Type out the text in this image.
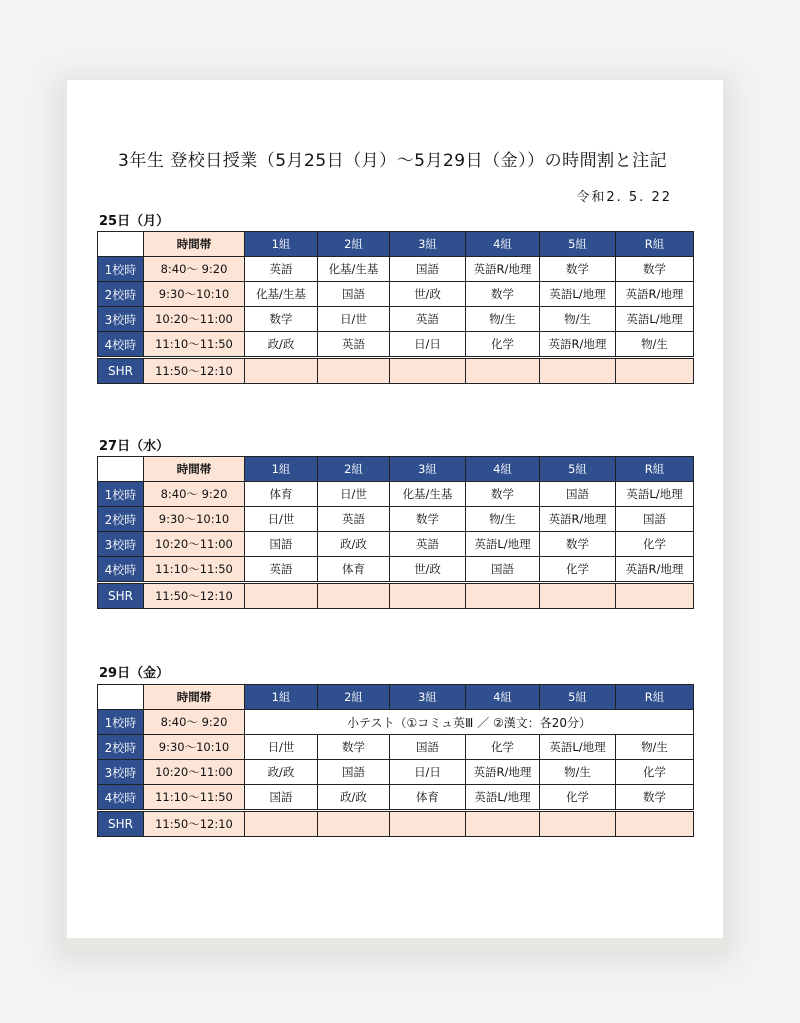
3年生 登校日授業（5月25日（月）～5月29日（金））の時間割と注記
令和2. 5. 22
25日（月）
	時間帯	1組	2組	3組	4組	5組	R組
1校時	8:40～ 9:20	英語	化基/生基	国語	英語R/地理	数学	数学
2校時	9:30～10:10	化基/生基	国語	世/政	数学	英語L/地理	英語R/地理
3校時	10:20～11:00	数学	日/世	英語	物/生	物/生	英語L/地理
4校時	11:10～11:50	政/政	英語	日/日	化学	英語R/地理	物/生
SHR	11:50～12:10						
27日（水）
	時間帯	1組	2組	3組	4組	5組	R組
1校時	8:40～ 9:20	体育	日/世	化基/生基	数学	国語	英語L/地理
2校時	9:30～10:10	日/世	英語	数学	物/生	英語R/地理	国語
3校時	10:20～11:00	国語	政/政	英語	英語L/地理	数学	化学
4校時	11:10～11:50	英語	体育	世/政	国語	化学	英語R/地理
SHR	11:50～12:10						
29日（金）
	時間帯	1組	2組	3組	4組	5組	R組
1校時	8:40～ 9:20	小テスト（①コミュ英Ⅲ ／ ②漢文：各20分）					
2校時	9:30～10:10	日/世	数学	国語	化学	英語L/地理	物/生
3校時	10:20～11:00	政/政	国語	日/日	英語R/地理	物/生	化学
4校時	11:10～11:50	国語	政/政	体育	英語L/地理	化学	数学
SHR	11:50～12:10						
